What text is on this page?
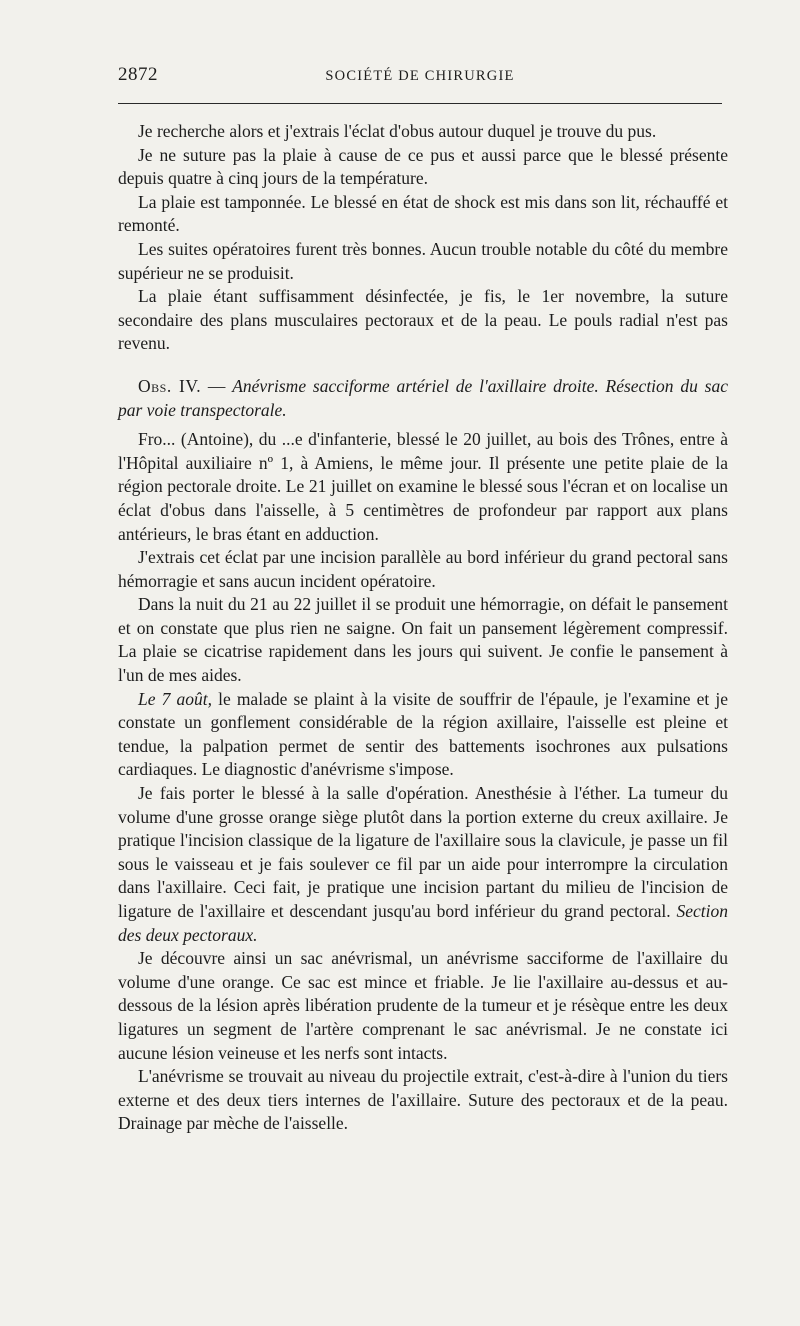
2872	SOCIÉTÉ DE CHIRURGIE

Je recherche alors et j'extrais l'éclat d'obus autour duquel je trouve du pus.

Je ne suture pas la plaie à cause de ce pus et aussi parce que le blessé présente depuis quatre à cinq jours de la température.

La plaie est tamponnée. Le blessé en état de shock est mis dans son lit, réchauffé et remonté.

Les suites opératoires furent très bonnes. Aucun trouble notable du côté du membre supérieur ne se produisit.

La plaie étant suffisamment désinfectée, je fis, le 1er novembre, la suture secondaire des plans musculaires pectoraux et de la peau. Le pouls radial n'est pas revenu.

Obs. IV. — Anévrisme sacciforme artériel de l'axillaire droite. Résection du sac par voie transpectorale.

Fro... (Antoine), du ...e d'infanterie, blessé le 20 juillet, au bois des Trônes, entre à l'Hôpital auxiliaire nº 1, à Amiens, le même jour. Il présente une petite plaie de la région pectorale droite. Le 21 juillet on examine le blessé sous l'écran et on localise un éclat d'obus dans l'aisselle, à 5 centimètres de profondeur par rapport aux plans antérieurs, le bras étant en adduction.

J'extrais cet éclat par une incision parallèle au bord inférieur du grand pectoral sans hémorragie et sans aucun incident opératoire.

Dans la nuit du 21 au 22 juillet il se produit une hémorragie, on défait le pansement et on constate que plus rien ne saigne. On fait un pansement légèrement compressif. La plaie se cicatrise rapidement dans les jours qui suivent. Je confie le pansement à l'un de mes aides.

Le 7 août, le malade se plaint à la visite de souffrir de l'épaule, je l'examine et je constate un gonflement considérable de la région axillaire, l'aisselle est pleine et tendue, la palpation permet de sentir des battements isochrones aux pulsations cardiaques. Le diagnostic d'anévrisme s'impose.

Je fais porter le blessé à la salle d'opération. Anesthésie à l'éther. La tumeur du volume d'une grosse orange siège plutôt dans la portion externe du creux axillaire. Je pratique l'incision classique de la ligature de l'axillaire sous la clavicule, je passe un fil sous le vaisseau et je fais soulever ce fil par un aide pour interrompre la circulation dans l'axillaire. Ceci fait, je pratique une incision partant du milieu de l'incision de ligature de l'axillaire et descendant jusqu'au bord inférieur du grand pectoral. Section des deux pectoraux.

Je découvre ainsi un sac anévrismal, un anévrisme sacciforme de l'axillaire du volume d'une orange. Ce sac est mince et friable. Je lie l'axillaire au-dessus et au-dessous de la lésion après libération prudente de la tumeur et je résèque entre les deux ligatures un segment de l'artère comprenant le sac anévrismal. Je ne constate ici aucune lésion veineuse et les nerfs sont intacts.

L'anévrisme se trouvait au niveau du projectile extrait, c'est-à-dire à l'union du tiers externe et des deux tiers internes de l'axillaire. Suture des pectoraux et de la peau. Drainage par mèche de l'aisselle.
